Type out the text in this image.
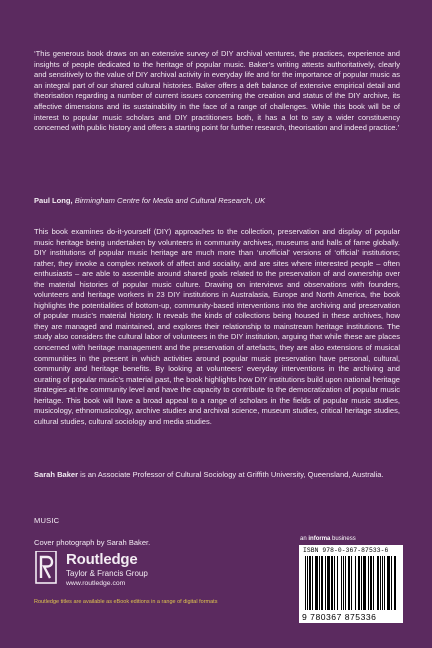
‘This generous book draws on an extensive survey of DIY archival ventures, the practices, experience and insights of people dedicated to the heritage of popular music. Baker’s writing attests authoritatively, clearly and sensitively to the value of DIY archival activity in everyday life and for the importance of popular music as an integral part of our shared cultural histories. Baker offers a deft balance of extensive empirical detail and theorisation regarding a number of current issues concerning the creation and status of the DIY archive, its affective dimensions and its sustainability in the face of a range of challenges. While this book will be of interest to popular music scholars and DIY practitioners both, it has a lot to say a wider constituency concerned with public history and offers a starting point for further research, theorisation and indeed practice.’

Paul Long, Birmingham Centre for Media and Cultural Research, UK

This book examines do-it-yourself (DIY) approaches to the collection, preservation and display of popular music heritage being undertaken by volunteers in community archives, museums and halls of fame globally. DIY institutions of popular music heritage are much more than ‘unofficial’ versions of ‘official’ institutions; rather, they invoke a complex network of affect and sociality, and are sites where interested people – often enthusiasts – are able to assemble around shared goals related to the preservation of and ownership over the material histories of popular music culture. Drawing on interviews and observations with founders, volunteers and heritage workers in 23 DIY institutions in Australasia, Europe and North America, the book highlights the potentialities of bottom-up, community-based interventions into the archiving and preservation of popular music’s material history. It reveals the kinds of collections being housed in these archives, how they are managed and maintained, and explores their relationship to mainstream heritage institutions. The study also considers the cultural labor of volunteers in the DIY institution, arguing that while these are places concerned with heritage management and the preservation of artefacts, they are also extensions of musical communities in the present in which activities around popular music preservation have personal, cultural, community and heritage benefits. By looking at volunteers’ everyday interventions in the archiving and curating of popular music’s material past, the book highlights how DIY institutions build upon national heritage strategies at the community level and have the capacity to contribute to the democratization of popular music heritage. This book will have a broad appeal to a range of scholars in the fields of popular music studies, musicology, ethnomusicology, archive studies and archival science, museum studies, critical heritage studies, cultural studies, cultural sociology and media studies.

Sarah Baker is an Associate Professor of Cultural Sociology at Griffith University, Queensland, Australia.
MUSIC
Cover photograph by Sarah Baker.
Routledge
Taylor & Francis Group
www.routledge.com
Routledge titles are available as eBook editions in a range of digital formats
an informa business
ISBN 978-0-367-87533-6
9 780367 875336
